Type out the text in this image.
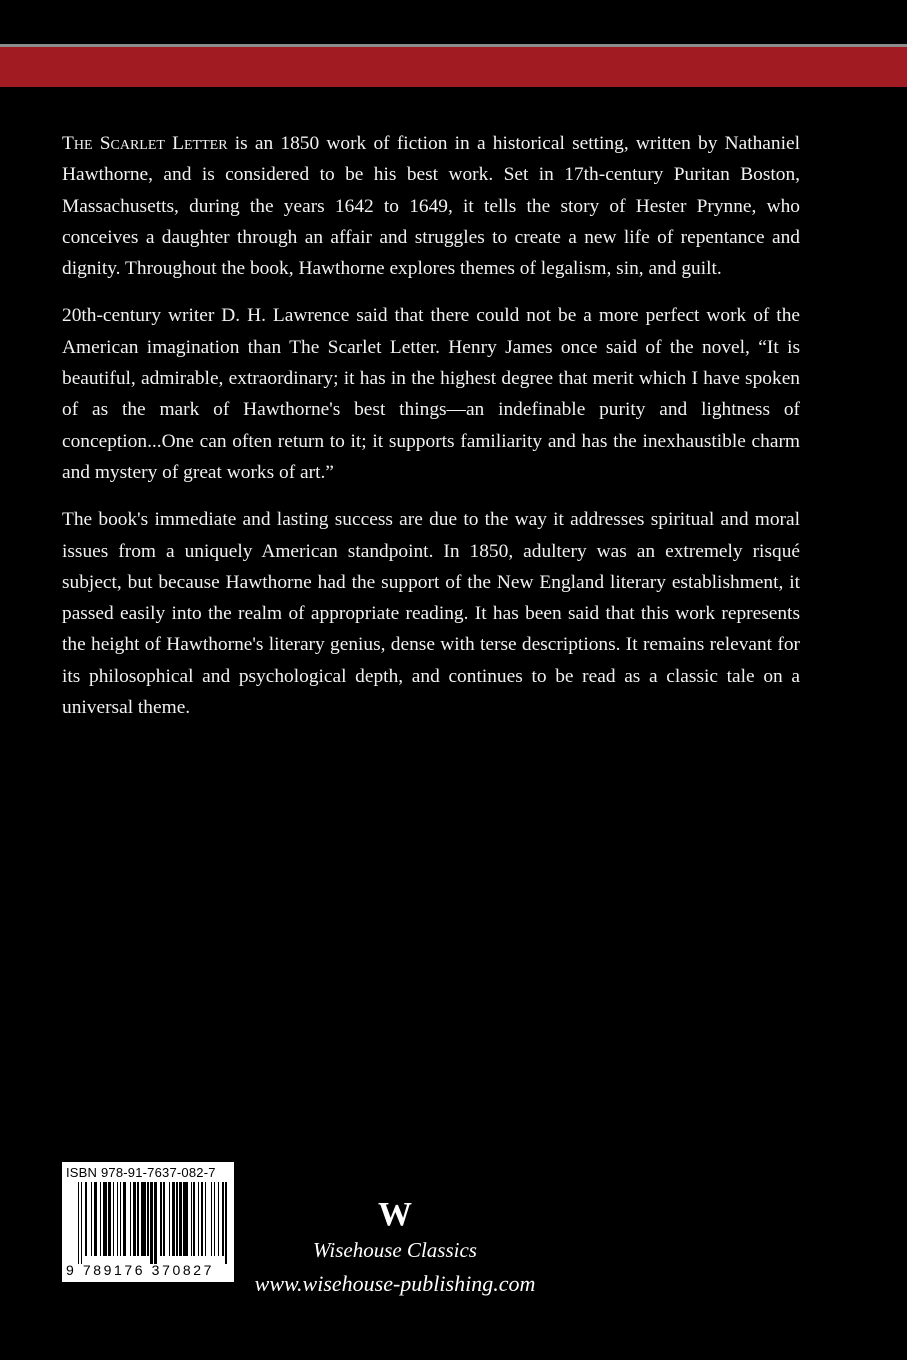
The Scarlet Letter is an 1850 work of fiction in a historical setting, written by Nathaniel Hawthorne, and is considered to be his best work. Set in 17th-century Puritan Boston, Massachusetts, during the years 1642 to 1649, it tells the story of Hester Prynne, who conceives a daughter through an affair and struggles to create a new life of repentance and dignity. Throughout the book, Hawthorne explores themes of legalism, sin, and guilt.

20th-century writer D. H. Lawrence said that there could not be a more perfect work of the American imagination than The Scarlet Letter. Henry James once said of the novel, “It is beautiful, admirable, extraordinary; it has in the highest degree that merit which I have spoken of as the mark of Hawthorne's best things—an indefinable purity and lightness of conception...One can often return to it; it supports familiarity and has the inexhaustible charm and mystery of great works of art.”

The book's immediate and lasting success are due to the way it addresses spiritual and moral issues from a uniquely American standpoint. In 1850, adultery was an extremely risqué subject, but because Hawthorne had the support of the New England literary establishment, it passed easily into the realm of appropriate reading. It has been said that this work represents the height of Hawthorne's literary genius, dense with terse descriptions. It remains relevant for its philosophical and psychological depth, and continues to be read as a classic tale on a universal theme.

ISBN 978-91-7637-082-7
9 789176 370827
W
Wisehouse Classics
www.wisehouse-publishing.com
